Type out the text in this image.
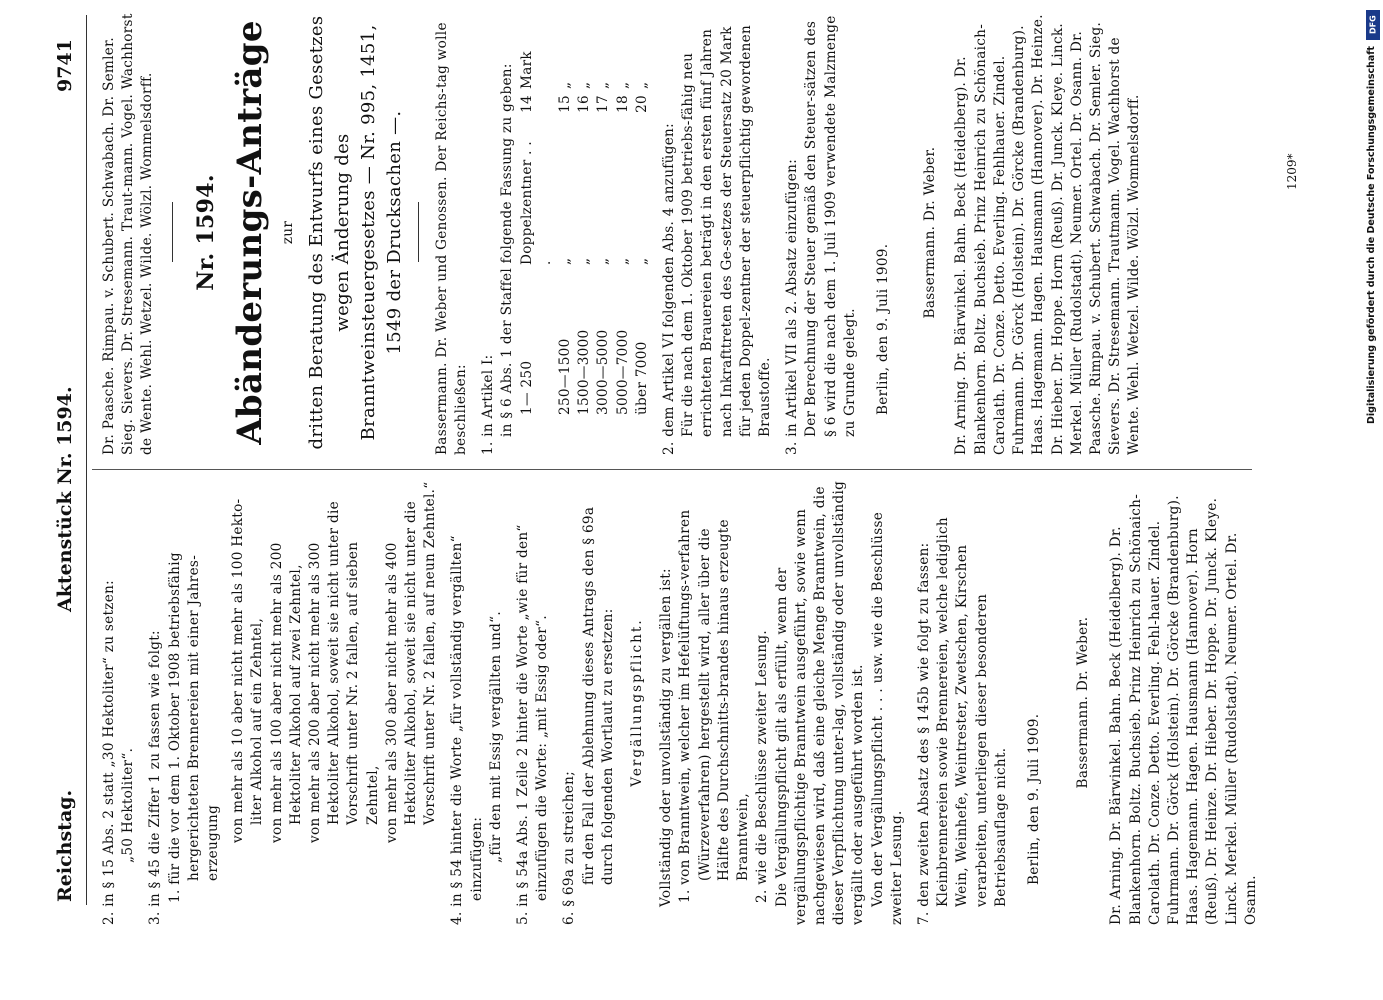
Reichstag.
Aktenstück Nr. 1594.
9741

2. in § 15 Abs. 2 statt „30 Hektoliter“ zu setzen: „50 Hektoliter“. 3. in § 45 die Ziffer 1 zu fassen wie folgt: 1. für die vor dem 1. Oktober 1908 betriebsfähig hergerichteten Brennereien mit einer Jahres-erzeugung von mehr als 10 aber nicht mehr als 100 Hekto-liter Alkohol auf ein Zehntel, von mehr als 100 aber nicht mehr als 200 Hektoliter Alkohol auf zwei Zehntel, von mehr als 200 aber nicht mehr als 300 Hektoliter Alkohol, soweit sie nicht unter die Vorschrift unter Nr. 2 fallen, auf sieben Zehntel, von mehr als 300 aber nicht mehr als 400 Hektoliter Alkohol, soweit sie nicht unter die Vorschrift unter Nr. 2 fallen, auf neun Zehntel.“ 4. in § 54 hinter die Worte „für vollständig vergällten“ einzufügen: „für den mit Essig vergällten und“. 5. in § 54a Abs. 1 Zeile 2 hinter die Worte „wie für den“ einzufügen die Worte: „mit Essig oder“. 6. § 69a zu streichen; für den Fall der Ablehnung dieses Antrags den § 69a durch folgenden Wortlaut zu ersetzen: Vergällungspflicht. Vollständig oder unvollständig zu vergällen ist: 1. von Branntwein, welcher im Hefelüftungs-verfahren (Würzeverfahren) hergestellt wird, aller über die Hälfte des Durchschnitts-brandes hinaus erzeugte Branntwein, 2. wie die Beschlüsse zweiter Lesung. Die Vergällungspflicht gilt als erfüllt, wenn der vergällungspflichtige Branntwein ausgeführt, sowie wenn nachgewiesen wird, daß eine gleiche Menge Branntwein, die dieser Verpflichtung unter-lag, vollständig oder unvollständig vergällt oder ausgeführt worden ist. Von der Vergällungspflicht . . . usw. wie die Beschlüsse zweiter Lesung. 7. den zweiten Absatz des § 145b wie folgt zu fassen: Kleinbrennereien sowie Brennereien, welche lediglich Wein, Weinhefe, Weintrester, Zwetschen, Kirschen verarbeiten, unterliegen dieser besonderen Betriebsauflage nicht. Berlin, den 9. Juli 1909.

Bassermann. Dr. Weber. Dr. Arning. Dr. Bärwinkel. Bahn. Beck (Heidelberg). Dr. Blankenhorn. Boltz. Buchsieb. Prinz Heinrich zu Schönaich-Carolath. Dr. Conze. Detto. Everling. Fehl-hauer. Zindel. Fuhrmann. Dr. Görck (Holstein). Dr. Görcke (Brandenburg). Haas. Hagemann. Hagen. Hausmann (Hannover). Horn (Reuß). Dr. Heinze. Dr. Hieber. Dr. Hoppe. Dr. Junck. Kleye. Linck. Merkel. Müller (Rudolstadt). Neumer. Ortel. Dr. Osann.

Dr. Paasche. Rimpau. v. Schubert. Schwabach. Dr. Semler. Sieg. Sievers. Dr. Stresemann. Traut-mann. Vogel. Wachhorst de Wente. Wehl. Wetzel. Wilde. Wölzl. Wommelsdorff. Nr. 1594. Abänderungs-Anträge zur dritten Beratung des Entwurfs eines Gesetzes wegen Änderung des Branntweinsteuergesetzes — Nr. 995, 1451, 1549 der Drucksachen —. Bassermann. Dr. Weber und Genossen. Der Reichs-tag wolle beschließen: 1. in Artikel I: in § 6 Abs. 1 der Staffel folgende Fassung zu geben: 1— 250
Doppelzentner . . .
14
Mark
250—1500
„
15
„
1500—3000
„
16
„
3000—5000
„
17
„
5000—7000
„
18
„
über 7000
„
20
„

2. dem Artikel VI folgenden Abs. 4 anzufügen: Für die nach dem 1. Oktober 1909 betriebs-fähig neu errichteten Brauereien beträgt in den ersten fünf Jahren nach Inkrafttreten des Ge-setzes der Steuersatz 20 Mark für jeden Doppel-zentner der steuerpflichtig gewordenen Braustoffe. 3. in Artikel VII als 2. Absatz einzufügen: Der Berechnung der Steuer gemäß den Steuer-sätzen des § 6 wird die nach dem 1. Juli 1909 verwendete Malzmenge zu Grunde gelegt. Berlin, den 9. Juli 1909.

Bassermann. Dr. Weber. Dr. Arning. Dr. Bärwinkel. Bahn. Beck (Heidelberg). Dr. Blankenhorn. Boltz. Buchsieb. Prinz Heinrich zu Schönaich-Carolath. Dr. Conze. Detto. Everling. Fehlhauer. Zindel. Fuhrmann. Dr. Görck (Holstein). Dr. Görcke (Brandenburg). Haas. Hagemann. Hagen. Hausmann (Hannover). Dr. Heinze. Dr. Hieber. Dr. Hoppe. Horn (Reuß). Dr. Junck. Kleye. Linck. Merkel. Müller (Rudolstadt). Neumer. Ortel. Dr. Osann. Dr. Paasche. Rimpau. v. Schubert. Schwabach. Dr. Semler. Sieg. Sievers. Dr. Stresemann. Trautmann. Vogel. Wachhorst de Wente. Wehl. Wetzel. Wilde. Wölzl. Wommelsdorff.	1209*
DFG
Digitalisierung gefördert durch die Deutsche Forschungsgemeinschaft
